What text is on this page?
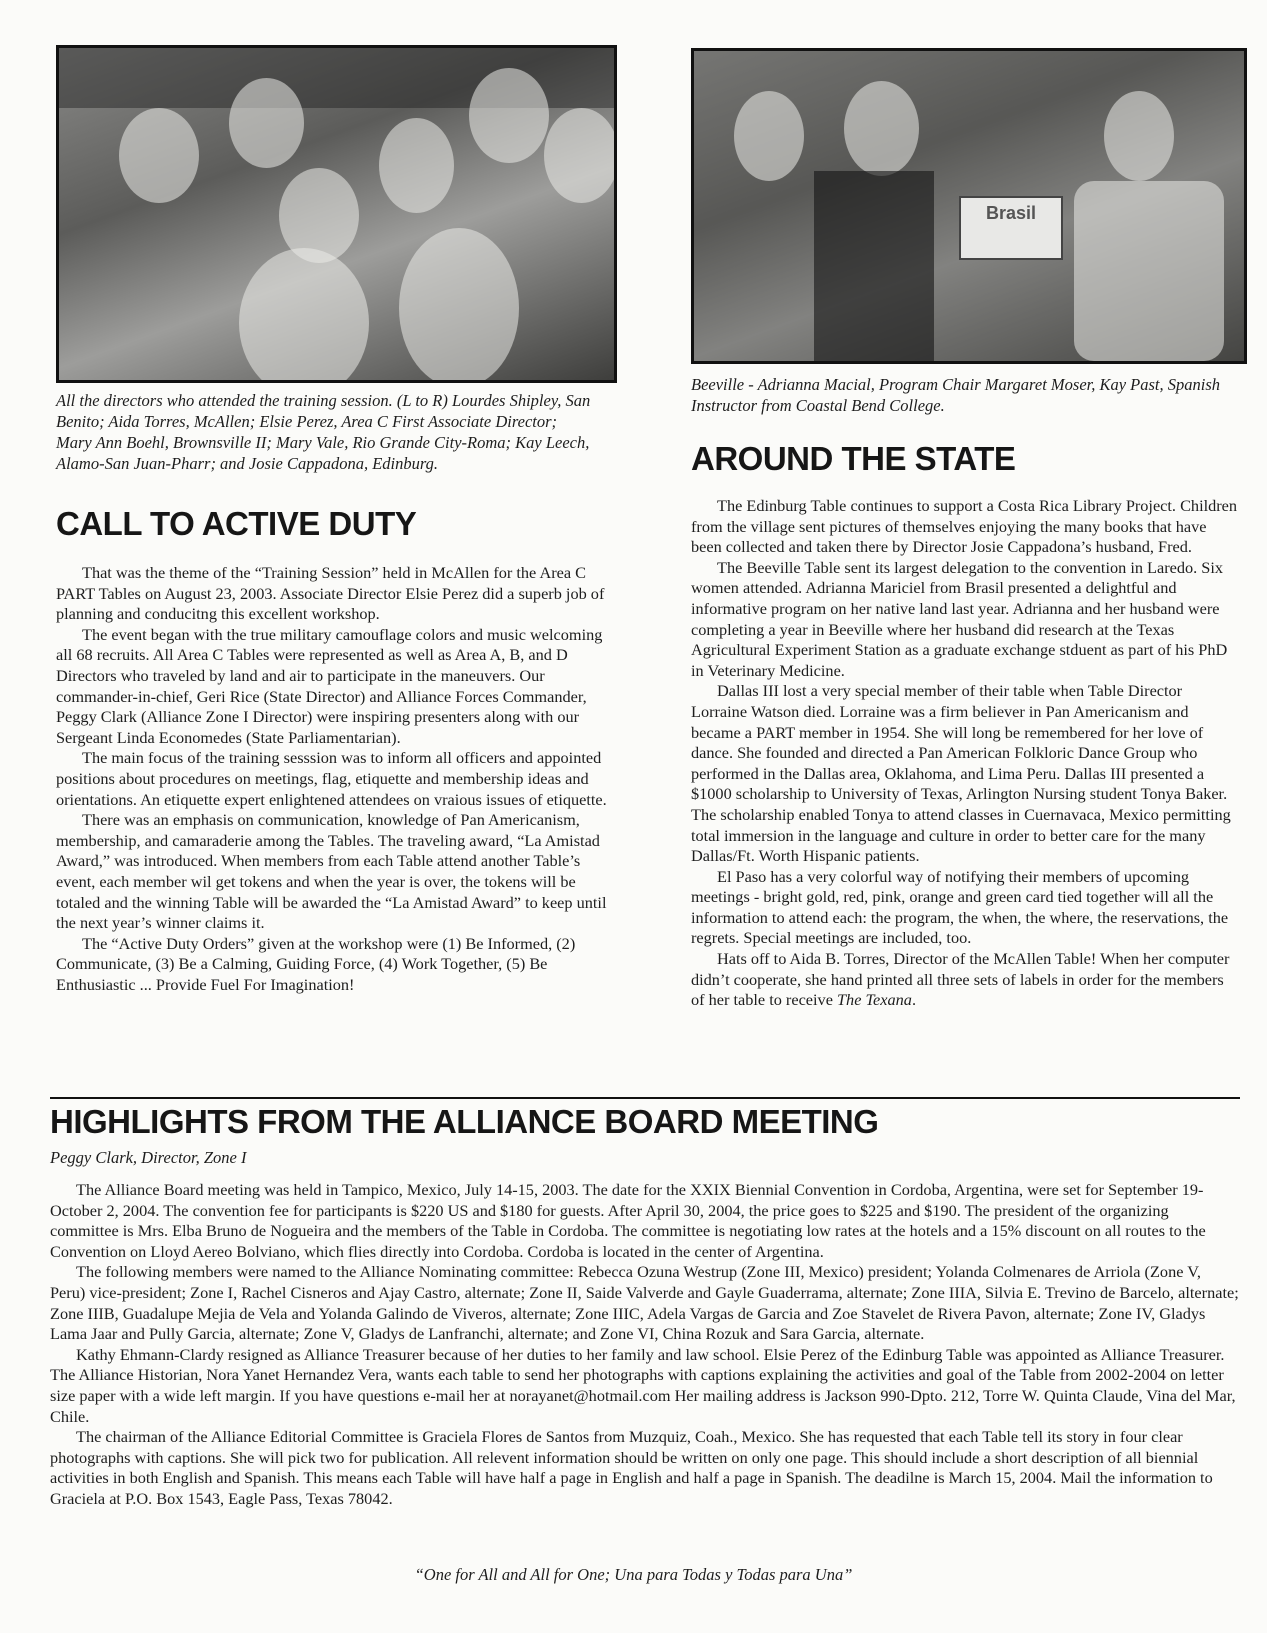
All the directors who attended the training session. (L to R) Lourdes Shipley, San Benito; Aida Torres, McAllen; Elsie Perez, Area C First Associate Director; Mary Ann Boehl, Brownsville II; Mary Vale, Rio Grande City-Roma; Kay Leech, Alamo-San Juan-Pharr; and Josie Cappadona, Edinburg.
Brasil
Beeville - Adrianna Macial, Program Chair Margaret Moser, Kay Past, Spanish Instructor from Coastal Bend College.
CALL TO ACTIVE DUTY

That was the theme of the “Training Session” held in McAllen for the Area C PART Tables on August 23, 2003. Associate Director Elsie Perez did a superb job of planning and conducitng this excellent workshop.

The event began with the true military camouflage colors and music welcoming all 68 recruits. All Area C Tables were represented as well as Area A, B, and D Directors who traveled by land and air to participate in the maneuvers. Our commander-in-chief, Geri Rice (State Director) and Alliance Forces Commander, Peggy Clark (Alliance Zone I Director) were inspiring presenters along with our Sergeant Linda Economedes (State Parliamentarian).

The main focus of the training sesssion was to inform all officers and appointed positions about procedures on meetings, flag, etiquette and membership ideas and orientations. An etiquette expert enlightened attendees on vraious issues of etiquette.

There was an emphasis on communication, knowledge of Pan Americanism, membership, and camaraderie among the Tables. The traveling award, “La Amistad Award,” was introduced. When members from each Table attend another Table’s event, each member wil get tokens and when the year is over, the tokens will be totaled and the winning Table will be awarded the “La Amistad Award” to keep until the next year’s winner claims it.

The “Active Duty Orders” given at the workshop were (1) Be Informed, (2) Communicate, (3) Be a Calming, Guiding Force, (4) Work Together, (5) Be Enthusiastic ... Provide Fuel For Imagination!

AROUND THE STATE

The Edinburg Table continues to support a Costa Rica Library Project. Children from the village sent pictures of themselves enjoying the many books that have been collected and taken there by Director Josie Cappadona’s husband, Fred.

The Beeville Table sent its largest delegation to the convention in Laredo. Six women attended. Adrianna Mariciel from Brasil presented a delightful and informative program on her native land last year. Adrianna and her husband were completing a year in Beeville where her husband did research at the Texas Agricultural Experiment Station as a graduate exchange stduent as part of his PhD in Veterinary Medicine.

Dallas III lost a very special member of their table when Table Director Lorraine Watson died. Lorraine was a firm believer in Pan Americanism and became a PART member in 1954. She will long be remembered for her love of dance. She founded and directed a Pan American Folkloric Dance Group who performed in the Dallas area, Oklahoma, and Lima Peru. Dallas III presented a $1000 scholarship to University of Texas, Arlington Nursing student Tonya Baker. The scholarship enabled Tonya to attend classes in Cuernavaca, Mexico permitting total immersion in the language and culture in order to better care for the many Dallas/Ft. Worth Hispanic patients.

El Paso has a very colorful way of notifying their members of upcoming meetings - bright gold, red, pink, orange and green card tied together will all the information to attend each: the program, the when, the where, the reservations, the regrets. Special meetings are included, too.

Hats off to Aida B. Torres, Director of the McAllen Table! When her computer didn’t cooperate, she hand printed all three sets of labels in order for the members of her table to receive The Texana.

HIGHLIGHTS FROM THE ALLIANCE BOARD MEETING
Peggy Clark, Director, Zone I

The Alliance Board meeting was held in Tampico, Mexico, July 14-15, 2003. The date for the XXIX Biennial Convention in Cordoba, Argentina, were set for September 19-October 2, 2004. The convention fee for participants is $220 US and $180 for guests. After April 30, 2004, the price goes to $225 and $190. The president of the organizing committee is Mrs. Elba Bruno de Nogueira and the members of the Table in Cordoba. The committee is negotiating low rates at the hotels and a 15% discount on all routes to the Convention on Lloyd Aereo Bolviano, which flies directly into Cordoba. Cordoba is located in the center of Argentina.

The following members were named to the Alliance Nominating committee: Rebecca Ozuna Westrup (Zone III, Mexico) president; Yolanda Colmenares de Arriola (Zone V, Peru) vice-president; Zone I, Rachel Cisneros and Ajay Castro, alternate; Zone II, Saide Valverde and Gayle Guaderrama, alternate; Zone IIIA, Silvia E. Trevino de Barcelo, alternate; Zone IIIB, Guadalupe Mejia de Vela and Yolanda Galindo de Viveros, alternate; Zone IIIC, Adela Vargas de Garcia and Zoe Stavelet de Rivera Pavon, alternate; Zone IV, Gladys Lama Jaar and Pully Garcia, alternate; Zone V, Gladys de Lanfranchi, alternate; and Zone VI, China Rozuk and Sara Garcia, alternate.

Kathy Ehmann-Clardy resigned as Alliance Treasurer because of her duties to her family and law school. Elsie Perez of the Edinburg Table was appointed as Alliance Treasurer. The Alliance Historian, Nora Yanet Hernandez Vera, wants each table to send her photographs with captions explaining the activities and goal of the Table from 2002-2004 on letter size paper with a wide left margin. If you have questions e-mail her at norayanet@hotmail.com Her mailing address is Jackson 990-Dpto. 212, Torre W. Quinta Claude, Vina del Mar, Chile.

The chairman of the Alliance Editorial Committee is Graciela Flores de Santos from Muzquiz, Coah., Mexico. She has requested that each Table tell its story in four clear photographs with captions. She will pick two for publication. All relevent information should be written on only one page. This should include a short description of all biennial activities in both English and Spanish. This means each Table will have half a page in English and half a page in Spanish. The deadilne is March 15, 2004. Mail the information to Graciela at P.O. Box 1543, Eagle Pass, Texas 78042.

“One for All and All for One; Una para Todas y Todas para Una”
